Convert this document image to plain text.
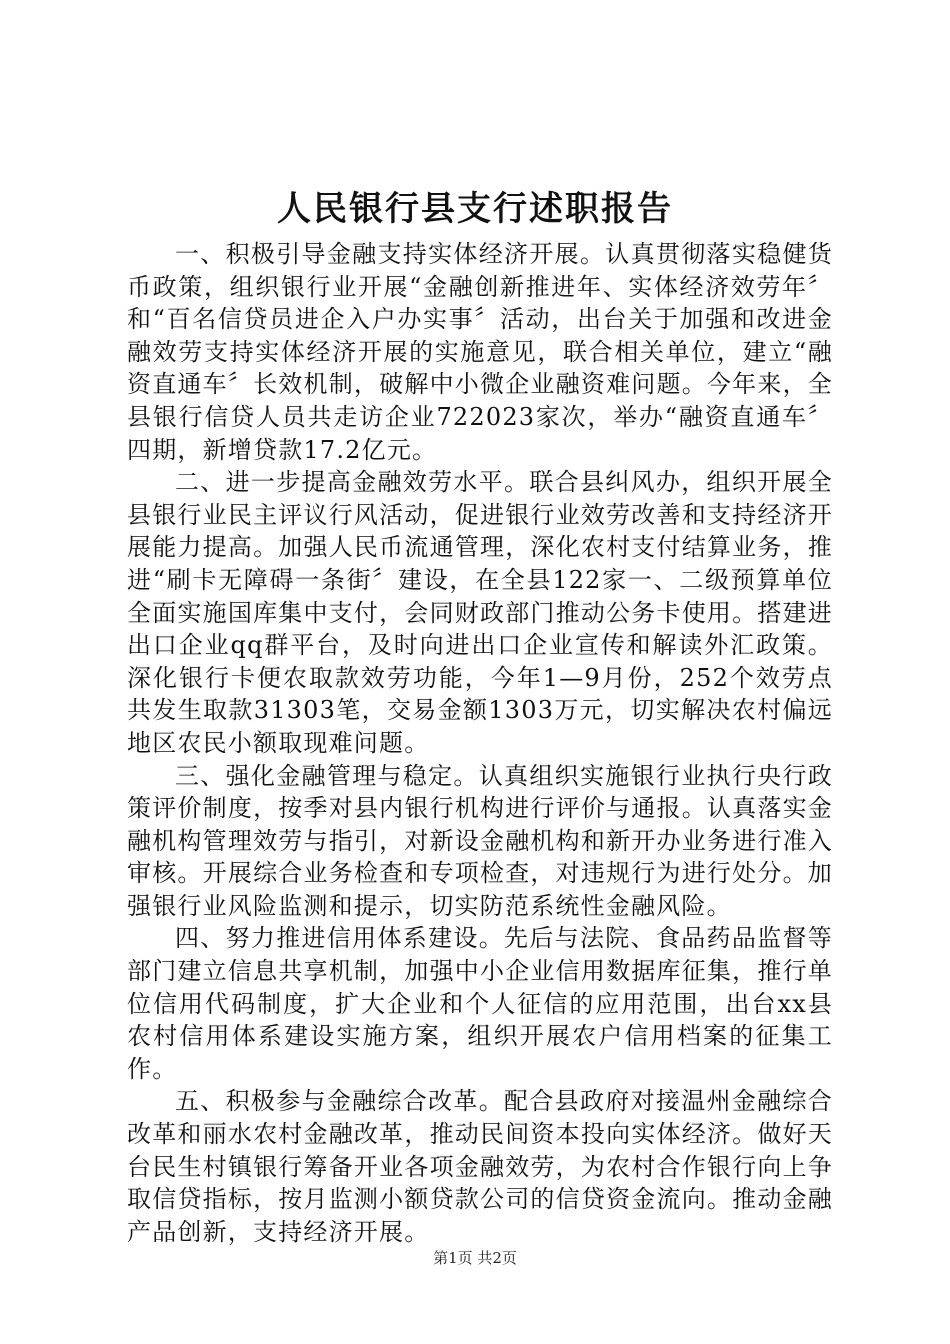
人民银行县支行述职报告

一、积极引导金融支持实体经济开展。认真贯彻落实稳健货币政策，组织银行业开展“金融创新推进年、实体经济效劳年〞和“百名信贷员进企入户办实事〞活动，出台关于加强和改进金融效劳支持实体经济开展的实施意见，联合相关单位，建立“融资直通车〞长效机制，破解中小微企业融资难问题。今年来，全县银行信贷人员共走访企业722023家次，举办“融资直通车〞四期，新增贷款17.2亿元。

二、进一步提高金融效劳水平。联合县纠风办，组织开展全县银行业民主评议行风活动，促进银行业效劳改善和支持经济开展能力提高。加强人民币流通管理，深化农村支付结算业务，推进“刷卡无障碍一条街〞建设，在全县122家一、二级预算单位全面实施国库集中支付，会同财政部门推动公务卡使用。搭建进出口企业qq群平台，及时向进出口企业宣传和解读外汇政策。深化银行卡便农取款效劳功能，今年1—9月份，252个效劳点共发生取款31303笔，交易金额1303万元，切实解决农村偏远地区农民小额取现难问题。

三、强化金融管理与稳定。认真组织实施银行业执行央行政策评价制度，按季对县内银行机构进行评价与通报。认真落实金融机构管理效劳与指引，对新设金融机构和新开办业务进行准入审核。开展综合业务检查和专项检查，对违规行为进行处分。加强银行业风险监测和提示，切实防范系统性金融风险。

四、努力推进信用体系建设。先后与法院、食品药品监督等部门建立信息共享机制，加强中小企业信用数据库征集，推行单位信用代码制度，扩大企业和个人征信的应用范围，出台xx县农村信用体系建设实施方案，组织开展农户信用档案的征集工作。

五、积极参与金融综合改革。配合县政府对接温州金融综合改革和丽水农村金融改革，推动民间资本投向实体经济。做好天台民生村镇银行筹备开业各项金融效劳，为农村合作银行向上争取信贷指标，按月监测小额贷款公司的信贷资金流向。推动金融产品创新，支持经济开展。

第1页 共2页
